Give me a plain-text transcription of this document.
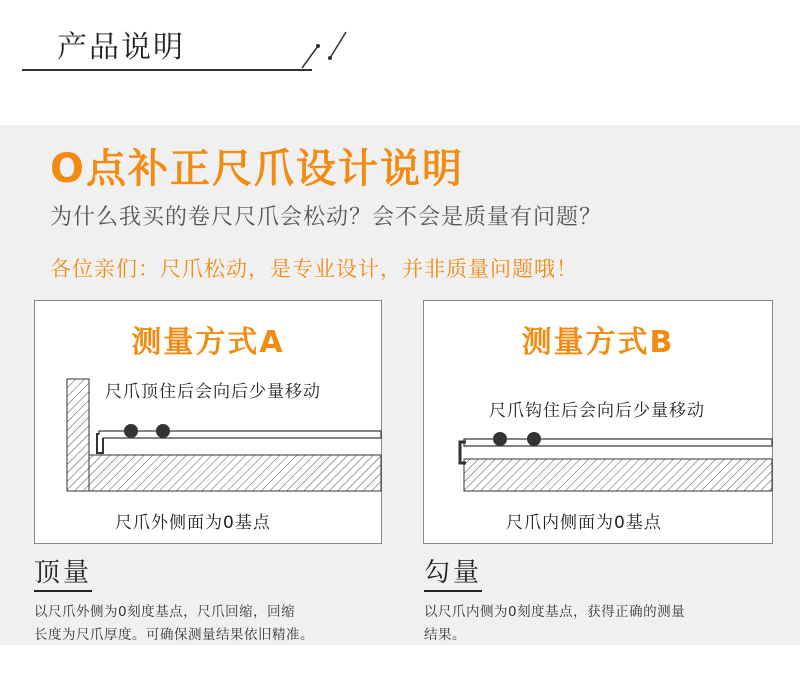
产品说明
O点补正尺爪设计说明
为什么我买的卷尺尺爪会松动？会不会是质量有问题？
各位亲们：尺爪松动，是专业设计，并非质量问题哦！
测量方式A
尺爪顶住后会向后少量移动
尺爪外侧面为0基点
测量方式B
尺爪钩住后会向后少量移动
尺爪内侧面为0基点
顶量
以尺爪外侧为0刻度基点，尺爪回缩，回缩
长度为尺爪厚度。可确保测量结果依旧精准。
勾量
以尺爪内侧为0刻度基点，获得正确的测量
结果。
